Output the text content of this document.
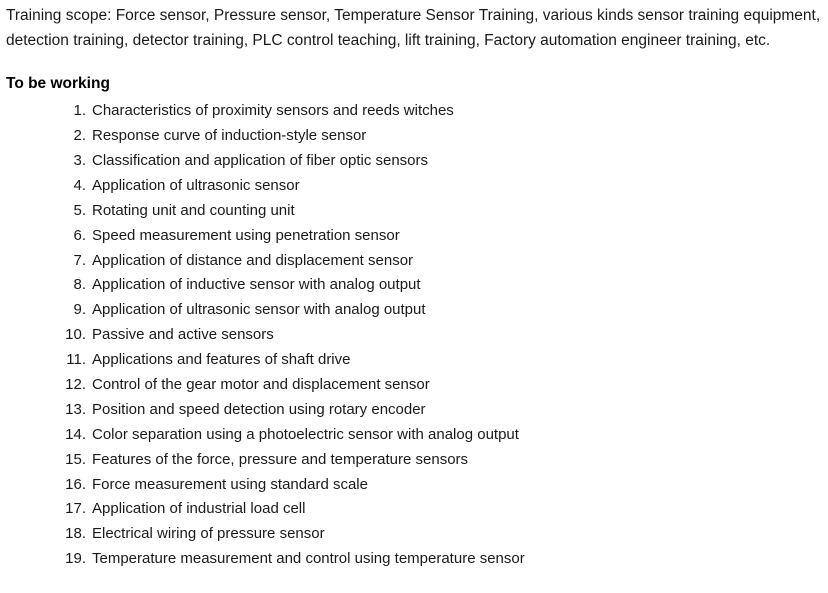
Training scope: Force sensor, Pressure sensor, Temperature Sensor Training, various kinds sensor training equipment, detection training, detector training, PLC control teaching, lift training, Factory automation engineer training, etc.

To be working
Characteristics of proximity sensors and reeds witches
Response curve of induction-style sensor
Classification and application of fiber optic sensors
Application of ultrasonic sensor
Rotating unit and counting unit
Speed measurement using penetration sensor
Application of distance and displacement sensor
Application of inductive sensor with analog output
Application of ultrasonic sensor with analog output
Passive and active sensors
Applications and features of shaft drive
Control of the gear motor and displacement sensor
Position and speed detection using rotary encoder
Color separation using a photoelectric sensor with analog output
Features of the force, pressure and temperature sensors
Force measurement using standard scale
Application of industrial load cell
Electrical wiring of pressure sensor
Temperature measurement and control using temperature sensor
